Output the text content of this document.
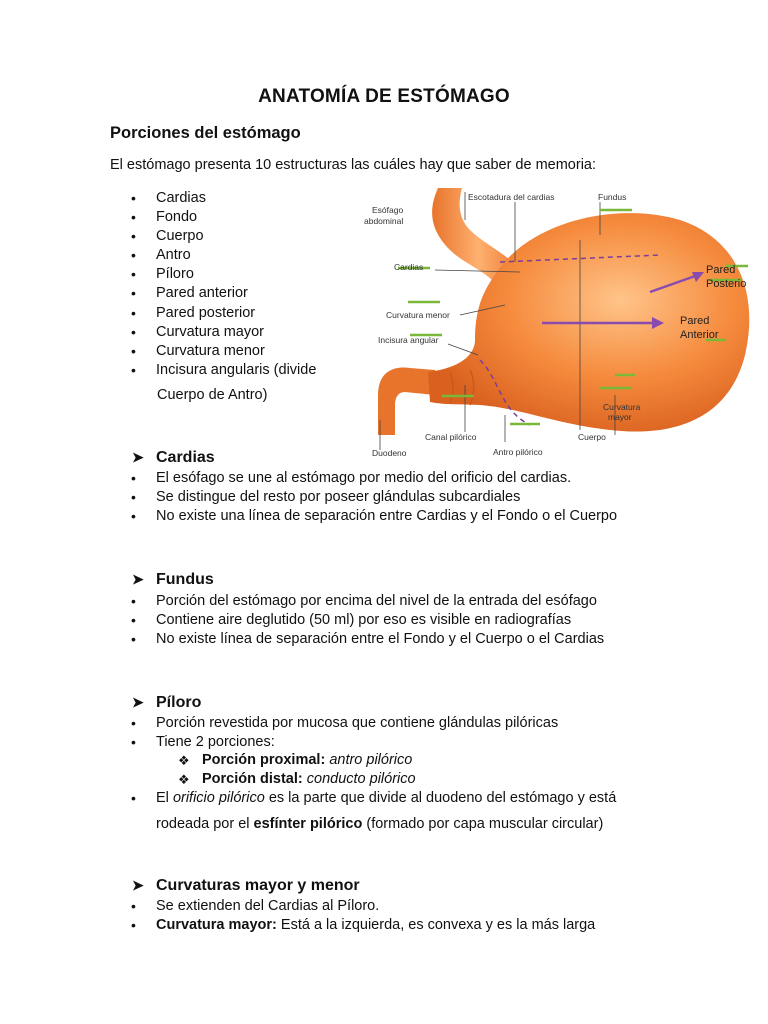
ANATOMÍA DE ESTÓMAGO
Porciones del estómago
El estómago presenta 10 estructuras las cuáles hay que saber de memoria:
• Cardias
• Fondo
• Cuerpo
• Antro
• Píloro
• Pared anterior
• Pared posterior
• Curvatura mayor
• Curvatura menor
• Incisura angularis (divide
Cuerpo de Antro)
Esófago
abdominal
Escotadura del cardias	Fundus
Cardias
Curvatura menor
Incisura angular
Curvatura
mayor
Cuerpo
Duodeno
Canal pilórico
Antro pilórico
Pared
Posterio
Pared
Anterior
➤ Cardias
• El esófago se une al estómago por medio del orificio del cardias.
• Se distingue del resto por poseer glándulas subcardiales
• No existe una línea de separación entre Cardias y el Fondo o el Cuerpo
➤ Fundus
• Porción del estómago por encima del nivel de la entrada del esófago
• Contiene aire deglutido (50 ml) por eso es visible en radiografías
• No existe línea de separación entre el Fondo y el Cuerpo o el Cardias
➤ Píloro
• Porción revestida por mucosa que contiene glándulas pilóricas
• Tiene 2 porciones:
❖ Porción proximal: antro pilórico
❖ Porción distal: conducto pilórico
• El orificio pilórico es la parte que divide al duodeno del estómago y está
rodeada por el esfínter pilórico (formado por capa muscular circular)
➤ Curvaturas mayor y menor
• Se extienden del Cardias al Píloro.
• Curvatura mayor: Está a la izquierda, es convexa y es la más larga
